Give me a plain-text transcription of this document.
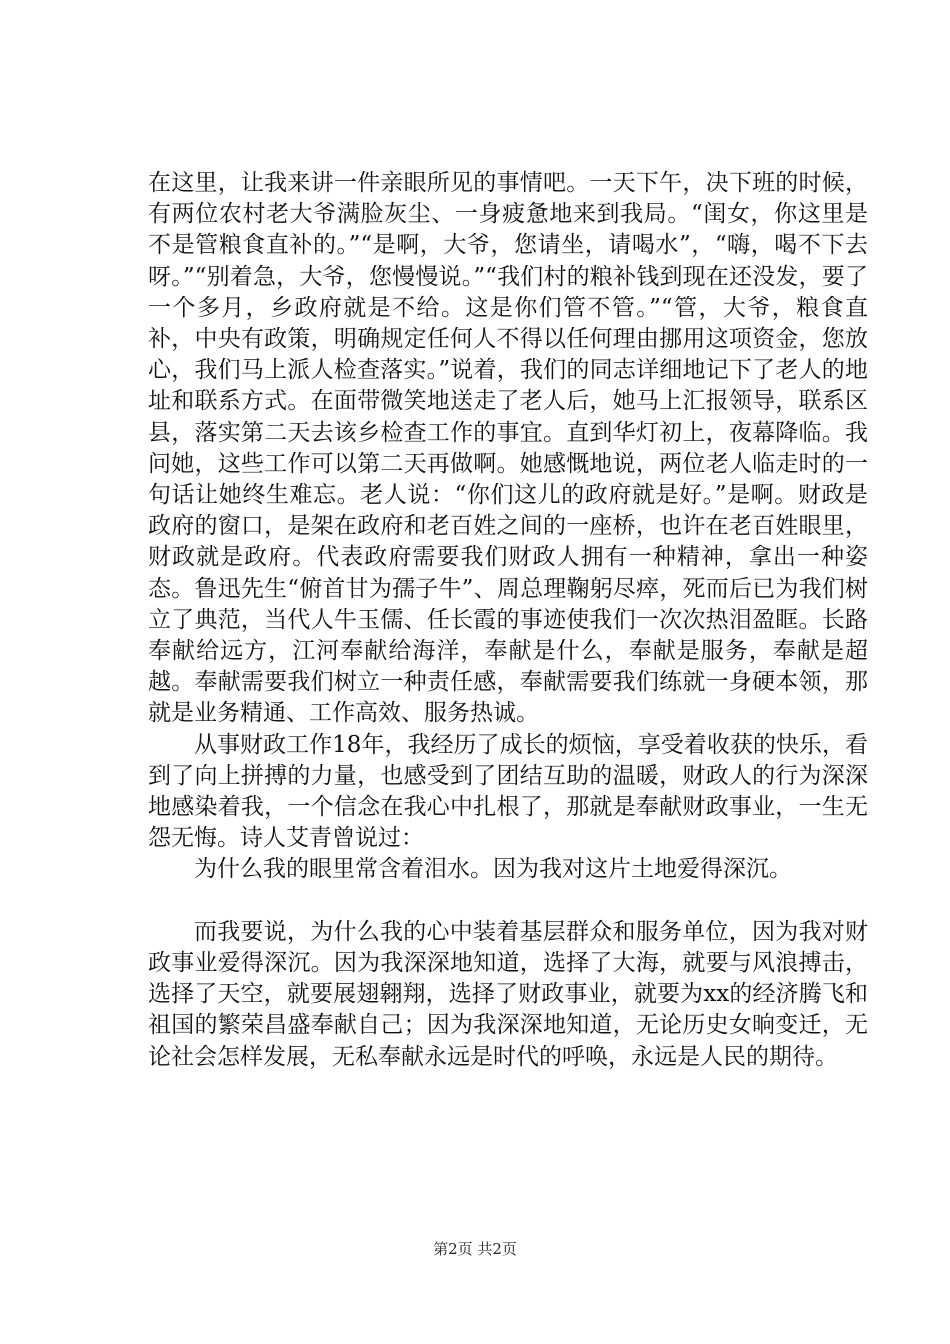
在这里，让我来讲一件亲眼所见的事情吧。一天下午，决下班的时候，有两位农村老大爷满脸灰尘、一身疲惫地来到我局。“闺女，你这里是不是管粮食直补的。”“是啊，大爷，您请坐，请喝水”，“嗨，喝不下去呀。”“别着急，大爷，您慢慢说。”“我们村的粮补钱到现在还没发，要了一个多月，乡政府就是不给。这是你们管不管。”“管，大爷，粮食直补，中央有政策，明确规定任何人不得以任何理由挪用这项资金，您放心，我们马上派人检查落实。”说着，我们的同志详细地记下了老人的地址和联系方式。在面带微笑地送走了老人后，她马上汇报领导，联系区县，落实第二天去该乡检查工作的事宜。直到华灯初上，夜幕降临。我问她，这些工作可以第二天再做啊。她感慨地说，两位老人临走时的一句话让她终生难忘。老人说：“你们这儿的政府就是好。”是啊。财政是政府的窗口，是架在政府和老百姓之间的一座桥，也许在老百姓眼里，财政就是政府。代表政府需要我们财政人拥有一种精神，拿出一种姿态。鲁迅先生“俯首甘为孺子牛”、周总理鞠躬尽瘁，死而后已为我们树立了典范，当代人牛玉儒、任长霞的事迹使我们一次次热泪盈眶。长路奉献给远方，江河奉献给海洋，奉献是什么，奉献是服务，奉献是超越。奉献需要我们树立一种责任感，奉献需要我们练就一身硬本领，那就是业务精通、工作高效、服务热诚。

从事财政工作18年，我经历了成长的烦恼，享受着收获的快乐，看到了向上拼搏的力量，也感受到了团结互助的温暖，财政人的行为深深地感染着我，一个信念在我心中扎根了，那就是奉献财政事业，一生无怨无悔。诗人艾青曾说过：

为什么我的眼里常含着泪水。因为我对这片土地爱得深沉。

而我要说，为什么我的心中装着基层群众和服务单位，因为我对财政事业爱得深沉。因为我深深地知道，选择了大海，就要与风浪搏击，选择了天空，就要展翅翱翔，选择了财政事业，就要为xx的经济腾飞和祖国的繁荣昌盛奉献自己；因为我深深地知道，无论历史女晌变迁，无论社会怎样发展，无私奉献永远是时代的呼唤，永远是人民的期待。

第2页 共2页
